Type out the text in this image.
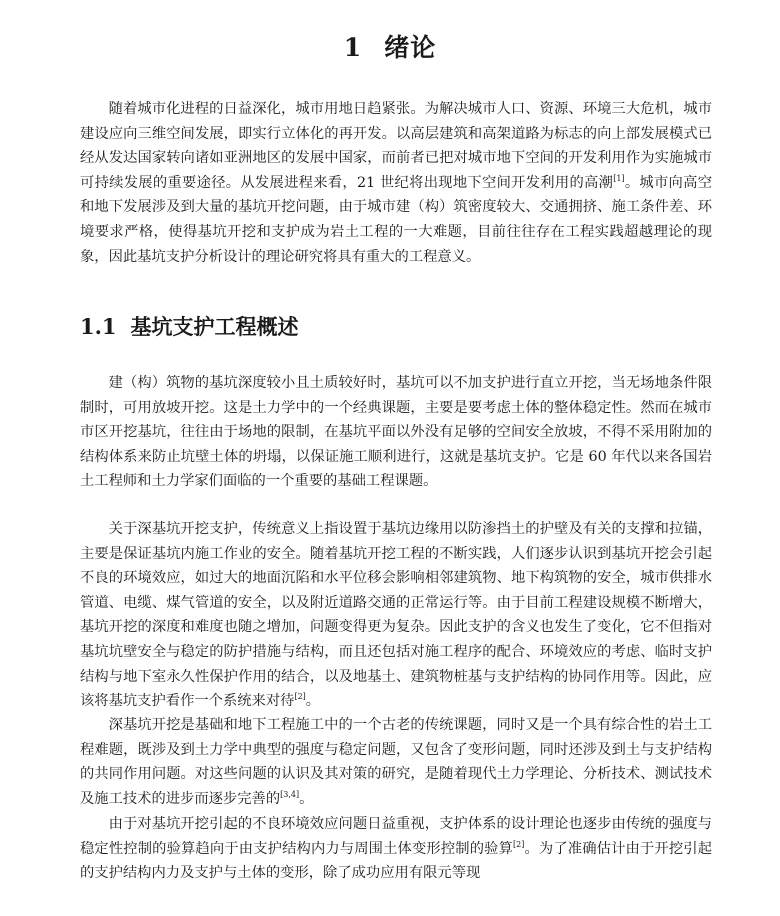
1 绪论

随着城市化进程的日益深化，城市用地日趋紧张。为解决城市人口、资源、环境三大危机，城市建设应向三维空间发展，即实行立体化的再开发。以高层建筑和高架道路为标志的向上部发展模式已经从发达国家转向诸如亚洲地区的发展中国家，而前者已把对城市地下空间的开发利用作为实施城市可持续发展的重要途径。从发展进程来看，21 世纪将出现地下空间开发利用的高潮[1]。城市向高空和地下发展涉及到大量的基坑开挖问题，由于城市建（构）筑密度较大、交通拥挤、施工条件差、环境要求严格，使得基坑开挖和支护成为岩土工程的一大难题，目前往往存在工程实践超越理论的现象，因此基坑支护分析设计的理论研究将具有重大的工程意义。

1.1 基坑支护工程概述

建（构）筑物的基坑深度较小且土质较好时，基坑可以不加支护进行直立开挖，当无场地条件限制时，可用放坡开挖。这是土力学中的一个经典课题，主要是要考虑土体的整体稳定性。然而在城市市区开挖基坑，往往由于场地的限制，在基坑平面以外没有足够的空间安全放坡，不得不采用附加的结构体系来防止坑壁土体的坍塌，以保证施工顺利进行，这就是基坑支护。它是 60 年代以来各国岩土工程师和土力学家们面临的一个重要的基础工程课题。

关于深基坑开挖支护，传统意义上指设置于基坑边缘用以防渗挡土的护壁及有关的支撑和拉锚，主要是保证基坑内施工作业的安全。随着基坑开挖工程的不断实践，人们逐步认识到基坑开挖会引起不良的环境效应，如过大的地面沉陷和水平位移会影响相邻建筑物、地下构筑物的安全，城市供排水管道、电缆、煤气管道的安全，以及附近道路交通的正常运行等。由于目前工程建设规模不断增大，基坑开挖的深度和难度也随之增加，问题变得更为复杂。因此支护的含义也发生了变化，它不但指对基坑坑壁安全与稳定的防护措施与结构，而且还包括对施工程序的配合、环境效应的考虑、临时支护结构与地下室永久性保护作用的结合，以及地基土、建筑物桩基与支护结构的协同作用等。因此，应该将基坑支护看作一个系统来对待[2]。

深基坑开挖是基础和地下工程施工中的一个古老的传统课题，同时又是一个具有综合性的岩土工程难题，既涉及到土力学中典型的强度与稳定问题，又包含了变形问题，同时还涉及到土与支护结构的共同作用问题。对这些问题的认识及其对策的研究，是随着现代土力学理论、分析技术、测试技术及施工技术的进步而逐步完善的[3,4]。

由于对基坑开挖引起的不良环境效应问题日益重视，支护体系的设计理论也逐步由传统的强度与稳定性控制的验算趋向于由支护结构内力与周围土体变形控制的验算[2]。为了准确估计由于开挖引起的支护结构内力及支护与土体的变形，除了成功应用有限元等现
